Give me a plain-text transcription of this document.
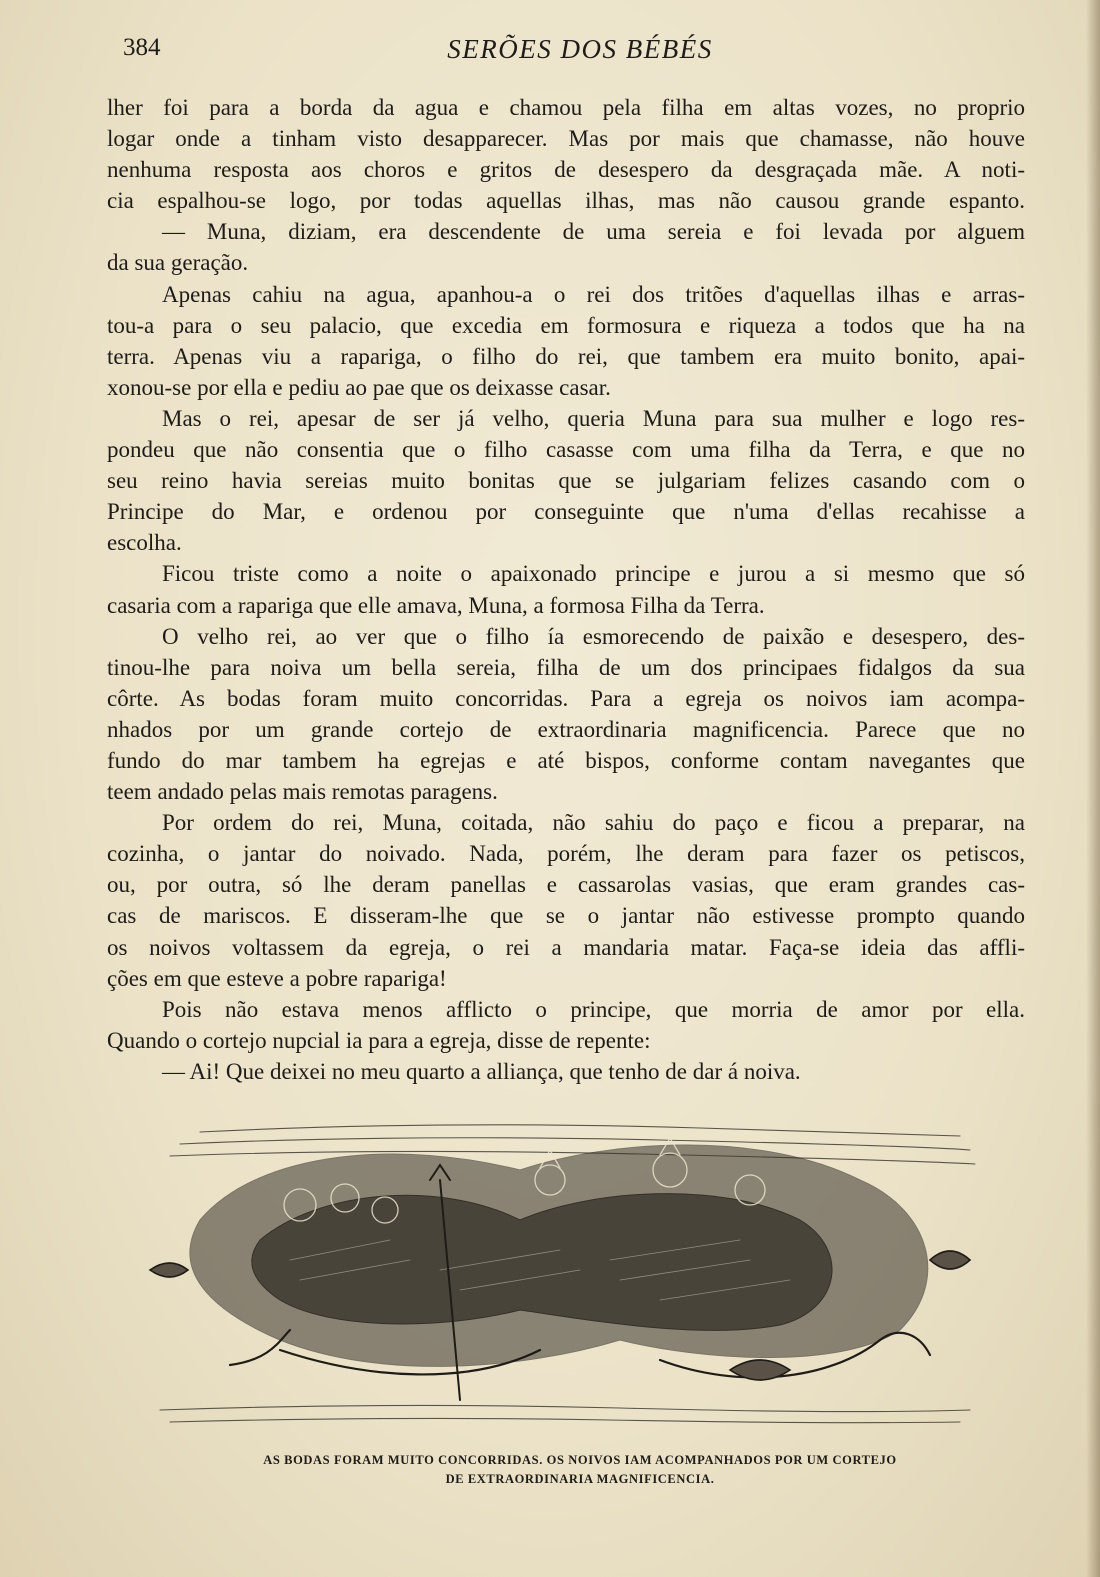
384	SERÕES DOS BÉBÉS
lher foi para a borda da agua e chamou pela filha em altas vozes, no proprio
logar onde a tinham visto desapparecer. Mas por mais que chamasse, não houve
nenhuma resposta aos choros e gritos de desespero da desgraçada mãe. A noti-
cia espalhou-se logo, por todas aquellas ilhas, mas não causou grande espanto.
— Muna, diziam, era descendente de uma sereia e foi levada por alguem
da sua geração.
Apenas cahiu na agua, apanhou-a o rei dos tritões d'aquellas ilhas e arras-
tou-a para o seu palacio, que excedia em formosura e riqueza a todos que ha na
terra. Apenas viu a rapariga, o filho do rei, que tambem era muito bonito, apai-
xonou-se por ella e pediu ao pae que os deixasse casar.
Mas o rei, apesar de ser já velho, queria Muna para sua mulher e logo res-
pondeu que não consentia que o filho casasse com uma filha da Terra, e que no
seu reino havia sereias muito bonitas que se julgariam felizes casando com o
Principe do Mar, e ordenou por conseguinte que n'uma d'ellas recahisse a
escolha.
Ficou triste como a noite o apaixonado principe e jurou a si mesmo que só
casaria com a rapariga que elle amava, Muna, a formosa Filha da Terra.
O velho rei, ao ver que o filho ía esmorecendo de paixão e desespero, des-
tinou-lhe para noiva um bella sereia, filha de um dos principaes fidalgos da sua
côrte. As bodas foram muito concorridas. Para a egreja os noivos iam acompa-
nhados por um grande cortejo de extraordinaria magnificencia. Parece que no
fundo do mar tambem ha egrejas e até bispos, conforme contam navegantes que
teem andado pelas mais remotas paragens.
Por ordem do rei, Muna, coitada, não sahiu do paço e ficou a preparar, na
cozinha, o jantar do noivado. Nada, porém, lhe deram para fazer os petiscos,
ou, por outra, só lhe deram panellas e cassarolas vasias, que eram grandes cas-
cas de mariscos. E disseram-lhe que se o jantar não estivesse prompto quando
os noivos voltassem da egreja, o rei a mandaria matar. Faça-se ideia das affli-
ções em que esteve a pobre rapariga!
Pois não estava menos afflicto o principe, que morria de amor por ella.
Quando o cortejo nupcial ia para a egreja, disse de repente:
— Ai! Que deixei no meu quarto a alliança, que tenho de dar á noiva.
AS BODAS FORAM MUITO CONCORRIDAS. OS NOIVOS IAM ACOMPANHADOS POR UM CORTEJO
DE EXTRAORDINARIA MAGNIFICENCIA.
